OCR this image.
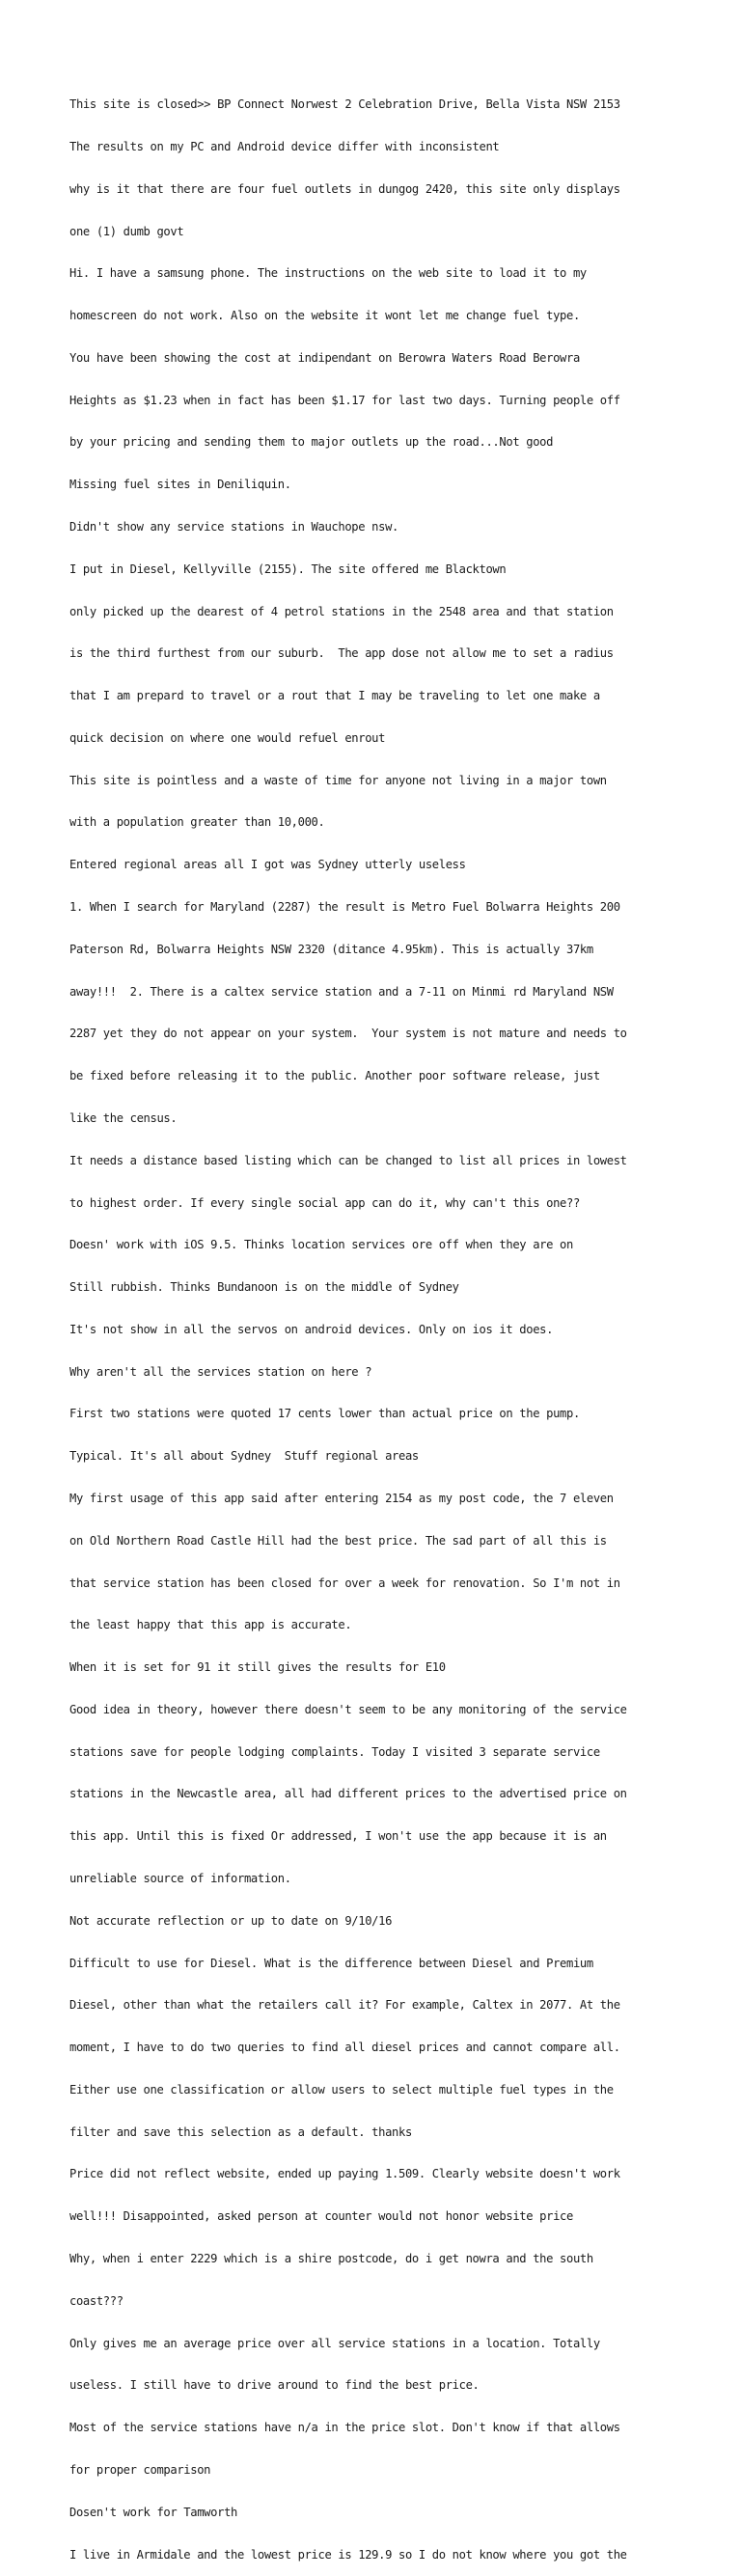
This site is closed>> BP Connect Norwest 2 Celebration Drive, Bella Vista NSW 2153

The results on my PC and Android device differ with inconsistent

why is it that there are four fuel outlets in dungog 2420, this site only displays

one (1) dumb govt

Hi. I have a samsung phone. The instructions on the web site to load it to my

homescreen do not work. Also on the website it wont let me change fuel type.

You have been showing the cost at indipendant on Berowra Waters Road Berowra

Heights as $1.23 when in fact has been $1.17 for last two days. Turning people off

by your pricing and sending them to major outlets up the road...Not good

Missing fuel sites in Deniliquin.

Didn't show any service stations in Wauchope nsw.

I put in Diesel, Kellyville (2155). The site offered me Blacktown

only picked up the dearest of 4 petrol stations in the 2548 area and that station

is the third furthest from our suburb.  The app dose not allow me to set a radius

that I am prepard to travel or a rout that I may be traveling to let one make a

quick decision on where one would refuel enrout

This site is pointless and a waste of time for anyone not living in a major town

with a population greater than 10,000.

Entered regional areas all I got was Sydney utterly useless

1. When I search for Maryland (2287) the result is Metro Fuel Bolwarra Heights 200

Paterson Rd, Bolwarra Heights NSW 2320 (ditance 4.95km). This is actually 37km

away!!!  2. There is a caltex service station and a 7-11 on Minmi rd Maryland NSW

2287 yet they do not appear on your system.  Your system is not mature and needs to

be fixed before releasing it to the public. Another poor software release, just

like the census.

It needs a distance based listing which can be changed to list all prices in lowest

to highest order. If every single social app can do it, why can't this one??

Doesn' work with iOS 9.5. Thinks location services ore off when they are on

Still rubbish. Thinks Bundanoon is on the middle of Sydney

It's not show in all the servos on android devices. Only on ios it does.

Why aren't all the services station on here ?

First two stations were quoted 17 cents lower than actual price on the pump.

Typical. It's all about Sydney  Stuff regional areas

My first usage of this app said after entering 2154 as my post code, the 7 eleven

on Old Northern Road Castle Hill had the best price. The sad part of all this is

that service station has been closed for over a week for renovation. So I'm not in

the least happy that this app is accurate.

When it is set for 91 it still gives the results for E10

Good idea in theory, however there doesn't seem to be any monitoring of the service

stations save for people lodging complaints. Today I visited 3 separate service

stations in the Newcastle area, all had different prices to the advertised price on

this app. Until this is fixed Or addressed, I won't use the app because it is an

unreliable source of information.

Not accurate reflection or up to date on 9/10/16

Difficult to use for Diesel. What is the difference between Diesel and Premium

Diesel, other than what the retailers call it? For example, Caltex in 2077. At the

moment, I have to do two queries to find all diesel prices and cannot compare all.

Either use one classification or allow users to select multiple fuel types in the

filter and save this selection as a default. thanks

Price did not reflect website, ended up paying 1.509. Clearly website doesn't work

well!!! Disappointed, asked person at counter would not honor website price

Why, when i enter 2229 which is a shire postcode, do i get nowra and the south

coast???

Only gives me an average price over all service stations in a location. Totally

useless. I still have to drive around to find the best price.

Most of the service stations have n/a in the price slot. Don't know if that allows

for proper comparison

Dosen't work for Tamworth

I live in Armidale and the lowest price is 129.9 so I do not know where you got the
